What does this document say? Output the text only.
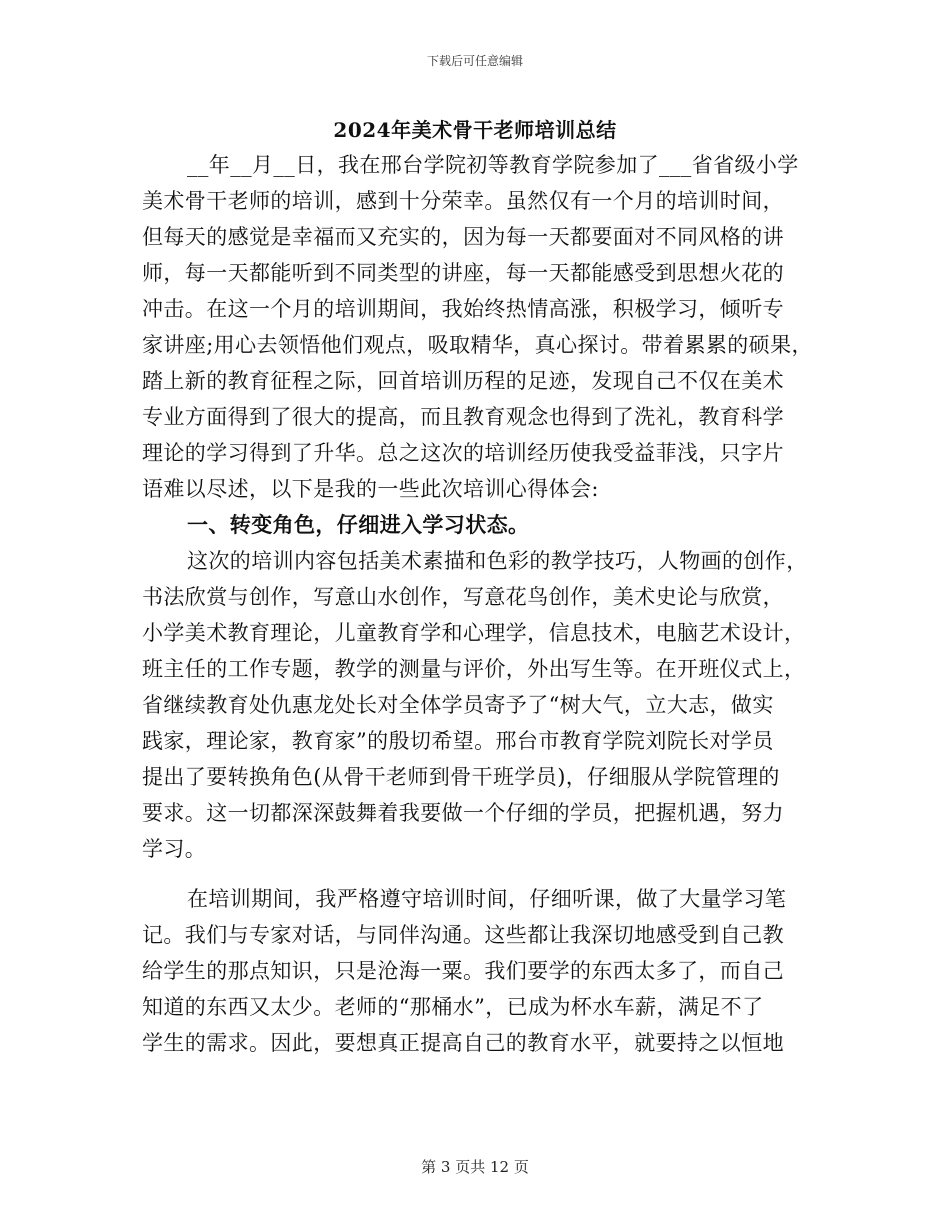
下载后可任意编辑
2024年美术骨干老师培训总结
__年__月__日，我在邢台学院初等教育学院参加了___省省级小学
美术骨干老师的培训，感到十分荣幸。虽然仅有一个月的培训时间，
但每天的感觉是幸福而又充实的，因为每一天都要面对不同风格的讲
师，每一天都能听到不同类型的讲座，每一天都能感受到思想火花的
冲击。在这一个月的培训期间，我始终热情高涨，积极学习，倾听专
家讲座;用心去领悟他们观点，吸取精华，真心探讨。带着累累的硕果，
踏上新的教育征程之际，回首培训历程的足迹，发现自己不仅在美术
专业方面得到了很大的提高，而且教育观念也得到了洗礼，教育科学
理论的学习得到了升华。总之这次的培训经历使我受益菲浅，只字片
语难以尽述，以下是我的一些此次培训心得体会:
一、转变角色，仔细进入学习状态。
这次的培训内容包括美术素描和色彩的教学技巧，人物画的创作，
书法欣赏与创作，写意山水创作，写意花鸟创作，美术史论与欣赏，
小学美术教育理论，儿童教育学和心理学，信息技术，电脑艺术设计，
班主任的工作专题，教学的测量与评价，外出写生等。在开班仪式上，
省继续教育处仇惠龙处长对全体学员寄予了“树大气，立大志，做实
践家，理论家，教育家”的殷切希望。邢台市教育学院刘院长对学员
提出了要转换角色(从骨干老师到骨干班学员)，仔细服从学院管理的
要求。这一切都深深鼓舞着我要做一个仔细的学员，把握机遇，努力
学习。
在培训期间，我严格遵守培训时间，仔细听课，做了大量学习笔
记。我们与专家对话，与同伴沟通。这些都让我深切地感受到自己教
给学生的那点知识，只是沧海一粟。我们要学的东西太多了，而自己
知道的东西又太少。老师的“那桶水”，已成为杯水车薪，满足不了
学生的需求。因此，要想真正提高自己的教育水平，就要持之以恒地
第 3 页共 12 页
